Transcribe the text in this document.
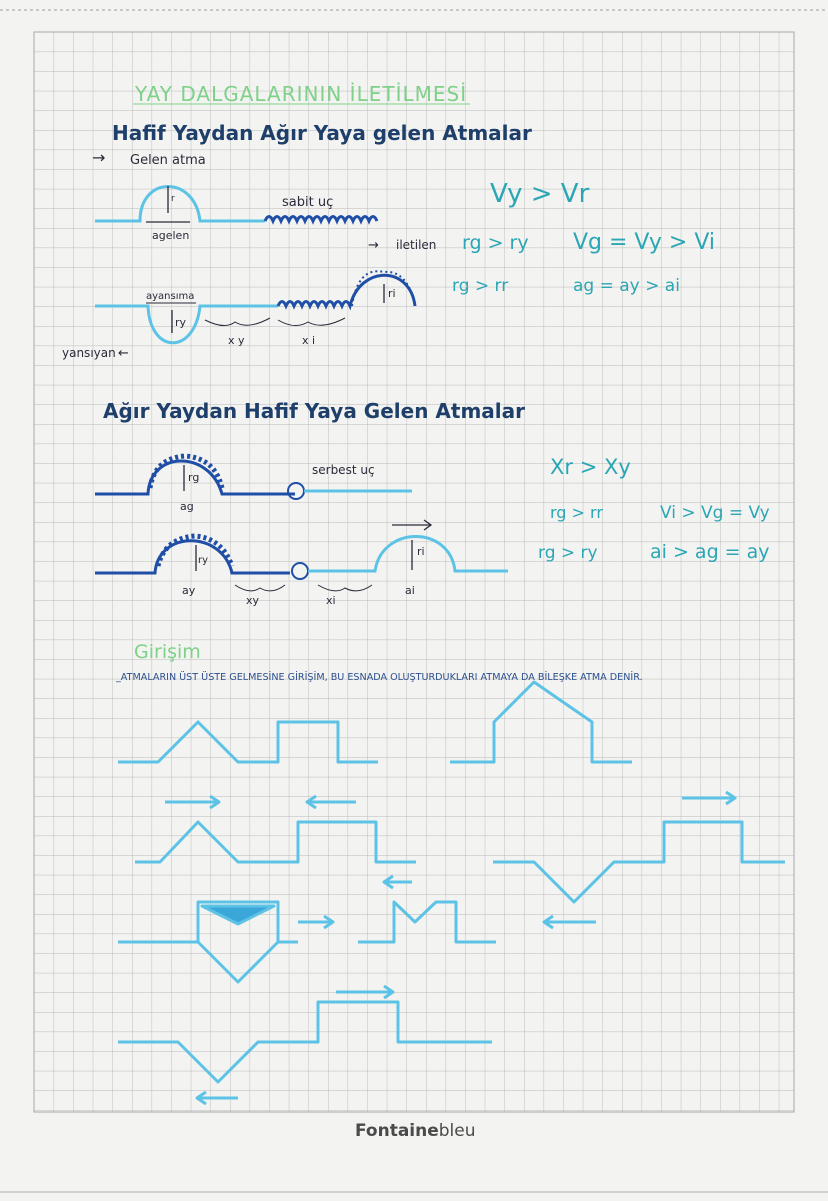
YAY DALGALARININ İLETİLMESİ
Hafif Yaydan Ağır Yaya gelen Atmalar
→ Gelen atma
r
agelen
sabit uç
ayansıma
ry
ri
x y	x i
iletilen
→
yansıyan ←
Vy > Vr
rg > ry Vg = Vy > Vi
rg > rr	ag = ay > ai
Ağır Yaydan Hafif Yaya Gelen Atmalar
rg
ag
serbest uç
ry
ay
ri
ai
xy	xi
Xr > Xy
rg > rr	Vi > Vg = Vy
rg > ry	ai > ag = ay
Girişim
_ATMALARIN ÜST ÜSTE GELMESİNE GİRİŞİM, BU ESNADA OLUŞTURDUKLARI ATMAYA DA BİLEŞKE ATMA DENİR.
Fontainebleu
